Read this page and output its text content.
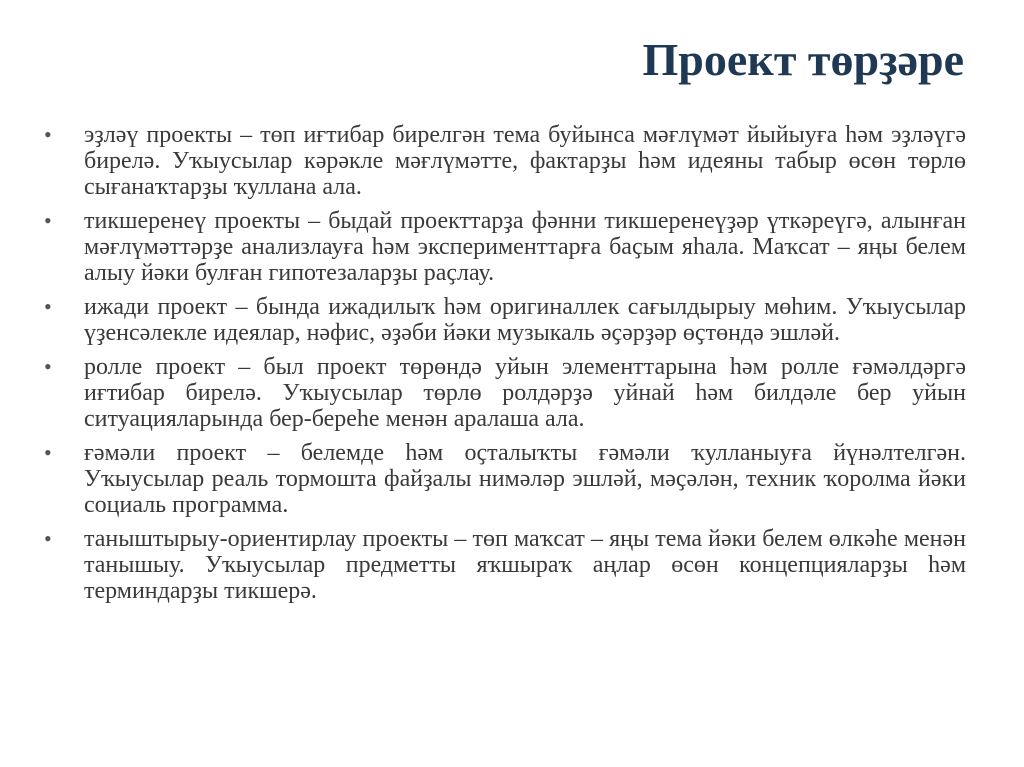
Проект төрҙәре
•	эҙләү проекты – төп иғтибар бирелгән тема буйынса мәғлүмәт йыйыуға һәм эҙләүгә бирелә. Уҡыусылар кәрәкле мәғлүмәтте, фактарҙы һәм идеяны табыр өсөн төрлө сығанаҡтарҙы ҡуллана ала.
•	тикшеренеү проекты – быдай проекттарҙа фәнни тикшеренеүҙәр үткәреүгә, алынған мәғлүмәттәрҙе анализлауға һәм эксперименттарға баҫым яһала. Маҡсат – яңы белем алыу йәки булған гипотезаларҙы раҫлау.
•	ижади проект – бында ижадилыҡ һәм оригиналлек сағылдырыу мөһим. Уҡыусылар үҙенсәлекле идеялар, нәфис, әҙәби йәки музыкаль әҫәрҙәр өҫтөндә эшләй.
•	ролле проект – был проект төрөндә уйын элементтарына һәм ролле ғәмәлдәргә иғтибар бирелә. Уҡыусылар төрлө ролдәрҙә уйнай һәм билдәле бер уйын ситуацияларында бер-береһе менән аралаша ала.
•	ғәмәли проект – белемде һәм оҫталыҡты ғәмәли ҡулланыуға йүнәлтелгән. Уҡыусылар реаль тормошта файҙалы нимәләр эшләй, мәҫәлән, техник ҡоролма йәки социаль программа.
•	таныштырыу-ориентирлау проекты – төп маҡсат – яңы тема йәки белем өлкәһе менән танышыу. Уҡыусылар предметты яҡшыраҡ аңлар өсөн концепцияларҙы һәм терминдарҙы тикшерә.
